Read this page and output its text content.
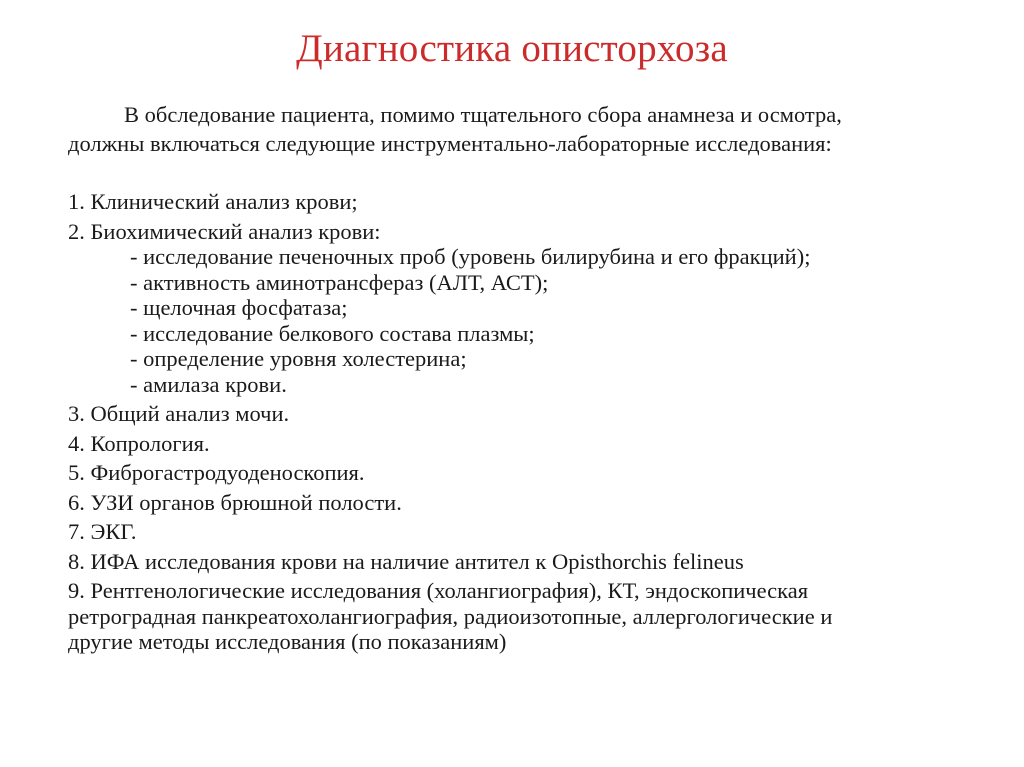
Диагностика описторхоза
В обследование пациента, помимо тщательного сбора анамнеза и осмотра,
должны включаться следующие инструментально-лабораторные исследования:
1. Клинический анализ крови;
2. Биохимический анализ крови:
- исследование печеночных проб (уровень билирубина и его фракций);
- активность аминотрансфераз (АЛТ, АСТ);
- щелочная фосфатаза;
- исследование белкового состава плазмы;
- определение уровня холестерина;
- амилаза крови.
3. Общий анализ мочи.
4. Копрология.
5. Фиброгастродуоденоскопия.
6. УЗИ органов брюшной полости.
7. ЭКГ.
8. ИФА исследования крови на наличие антител к Opisthorchis felineus
9. Рентгенологические исследования (холангиография), КТ, эндоскопическая
ретроградная панкреатохолангиография, радиоизотопные, аллергологические и
другие методы исследования (по показаниям)
